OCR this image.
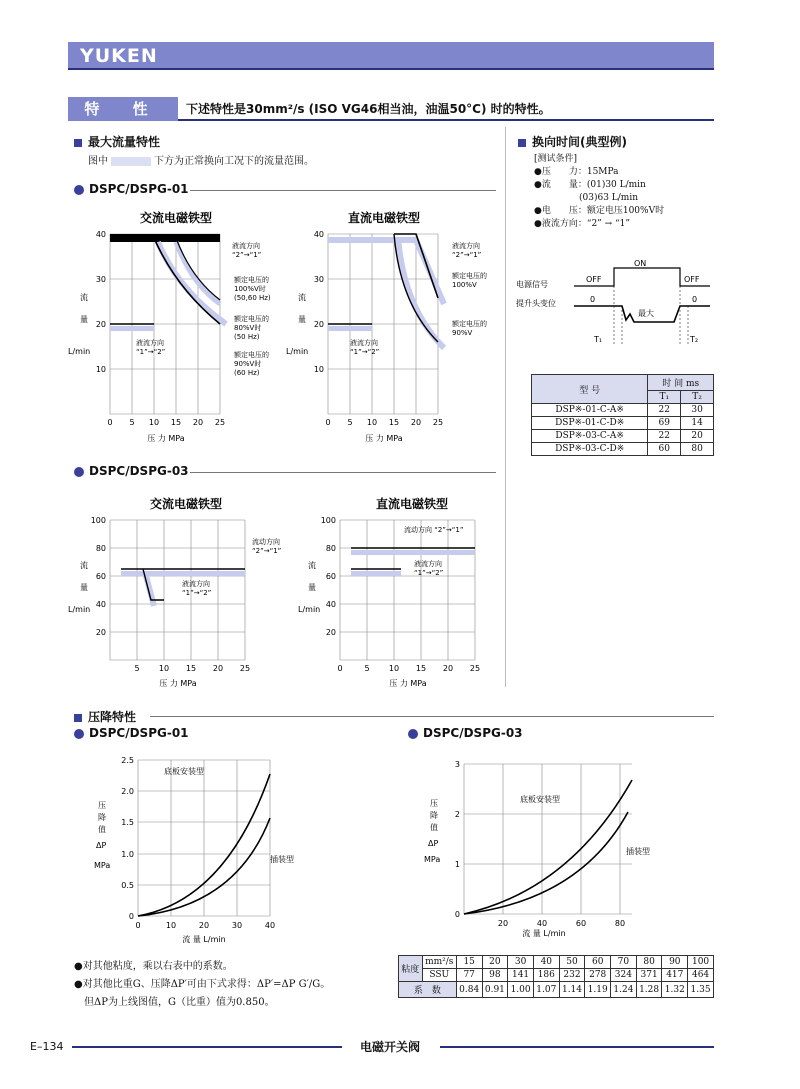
YUKEN
特 性	下述特性是30mm²/s (ISO VG46相当油，油温50°C) 时的特性。
最大流量特性
图中	下方为正常换向工况下的流量范围。
DSPC/DSPG-01
DSPC/DSPG-03
交流电磁铁型
40
30
20
10
0 5 10 15 20 25
压 力 MPa
流
量
L/min
液流方向
“2”→“1”
额定电压的
100%V时
(50,60 Hz)
额定电压的
80%V时
(50 Hz)
额定电压的
90%V时
(60 Hz)
液流方向
“1”→“2”
直流电磁铁型
40
30
20
10
0 5 10 15 20 25
压 力 MPa
流
量
L/min
液流方向
“2”→“1”
额定电压的
100%V
额定电压的
90%V
液流方向
“1”→“2”
交流电磁铁型
100
80
60
40
20
5 10 15 20 25
压 力 MPa
流
量
L/min
流动方向
“2”→“1”
液流方向
“1”→“2”
直流电磁铁型
100
80
60
40
20
0	5 10 15 20 25
压 力 MPa
流
量
L/min
流动方向 “2”→“1”
液流方向
“1”→“2”
换向时间(典型例)
[测试条件]
●压　　力：15MPa
●流　　量：(01)30 L/min
　　　　　(03)63 L/min
●电　　压：额定电压100%V时
●液流方向：“2” → “1”
电源信号
提升头变位
OFF
ON
OFF
0
最大
0
T₁	T₂
型 号	时 间 ms	
	T₁	T₂
DSP※-01-C-A※	22	30
DSP※-01-C-D※	69	14
DSP※-03-C-A※	22	20
DSP※-03-C-D※	60	80
压降特性
DSPC/DSPG-01	DSPC/DSPG-03
2.5
2.0
1.5
1.0
0.5
0
0	10	20	30	40
流 量 L/min
压
降
值
ΔP
MPa
底板安装型
插装型
3
2
1
0
20	40	60	80
流 量 L/min
压
降
值
ΔP
MPa
底板安装型
插装型
●对其他粘度，乘以右表中的系数。
●对其他比重G、压降ΔP′可由下式求得：ΔP′=ΔP G′/G。
但ΔP为上线图值，G（比重）值为0.850。
粘度	mm²/s	15	20	30	40	50	60	70	80	90	100
	SSU	77	98	141	186	232	278	324	371	417	464
系　数		0.84	0.91	1.00	1.07	1.14	1.19	1.24	1.28	1.32	1.35
E–134	电磁开关阀
